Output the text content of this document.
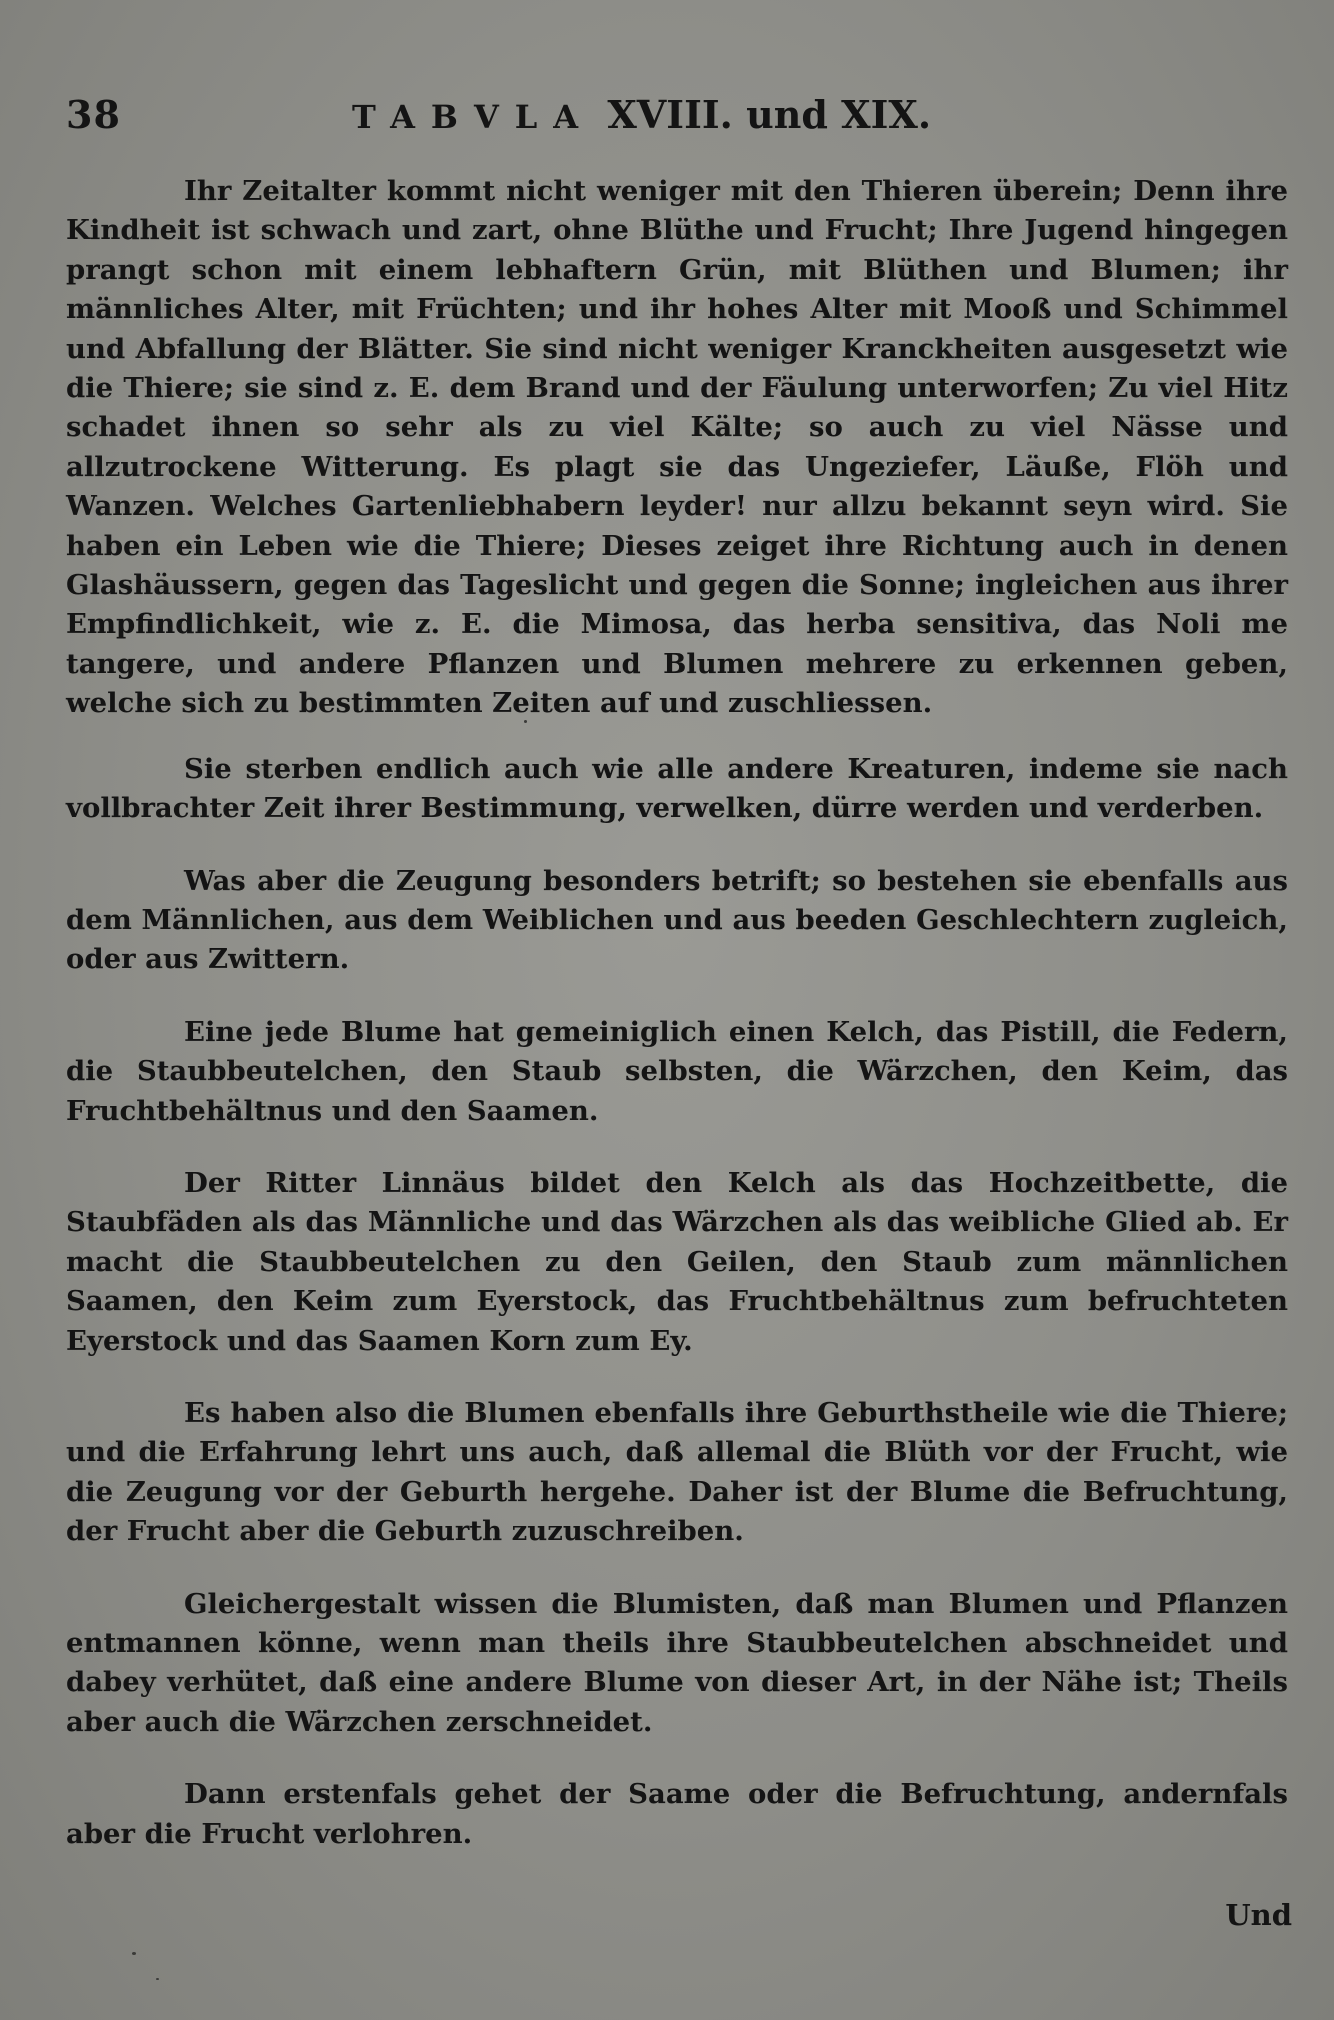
38	TABVLA XVIII. und XIX.

Ihr Zeitalter kommt nicht weniger mit den Thieren überein; Denn ihre Kindheit ist schwach und zart, ohne Blüthe und Frucht; Ihre Jugend hingegen prangt schon mit einem lebhaftern Grün, mit Blüthen und Blumen; ihr männliches Alter, mit Früchten; und ihr hohes Alter mit Mooß und Schimmel und Abfallung der Blätter. Sie sind nicht weniger Kranckheiten ausgesetzt wie die Thiere; sie sind z. E. dem Brand und der Fäulung unterworfen; Zu viel Hitz schadet ihnen so sehr als zu viel Kälte; so auch zu viel Nässe und allzutrockene Witterung. Es plagt sie das Ungeziefer, Läuße, Flöh und Wanzen. Welches Gartenliebhabern leyder! nur allzu bekannt seyn wird. Sie haben ein Leben wie die Thiere; Dieses zeiget ihre Richtung auch in denen Glashäussern, gegen das Tageslicht und gegen die Sonne; ingleichen aus ihrer Empfindlichkeit, wie z. E. die Mimosa, das herba sensitiva, das Noli me tangere, und andere Pflanzen und Blumen mehrere zu erkennen geben, welche sich zu bestimmten Zeiten auf und zuschliessen.

Sie sterben endlich auch wie alle andere Kreaturen, indeme sie nach vollbrachter Zeit ihrer Bestimmung, verwelken, dürre werden und verderben.

Was aber die Zeugung besonders betrift; so bestehen sie ebenfalls aus dem Männlichen, aus dem Weiblichen und aus beeden Geschlechtern zugleich, oder aus Zwittern.

Eine jede Blume hat gemeiniglich einen Kelch, das Pistill, die Federn, die Staubbeutelchen, den Staub selbsten, die Wärzchen, den Keim, das Fruchtbehältnus und den Saamen.

Der Ritter Linnäus bildet den Kelch als das Hochzeitbette, die Staubfäden als das Männliche und das Wärzchen als das weibliche Glied ab. Er macht die Staubbeutelchen zu den Geilen, den Staub zum männlichen Saamen, den Keim zum Eyerstock, das Fruchtbehältnus zum befruchteten Eyerstock und das Saamen Korn zum Ey.

Es haben also die Blumen ebenfalls ihre Geburthstheile wie die Thiere; und die Erfahrung lehrt uns auch, daß allemal die Blüth vor der Frucht, wie die Zeugung vor der Geburth hergehe. Daher ist der Blume die Befruchtung, der Frucht aber die Geburth zuzuschreiben.

Gleichergestalt wissen die Blumisten, daß man Blumen und Pflanzen entmannen könne, wenn man theils ihre Staubbeutelchen abschneidet und dabey verhütet, daß eine andere Blume von dieser Art, in der Nähe ist; Theils aber auch die Wärzchen zerschneidet.

Dann erstenfals gehet der Saame oder die Befruchtung, andernfals aber die Frucht verlohren.

Und
